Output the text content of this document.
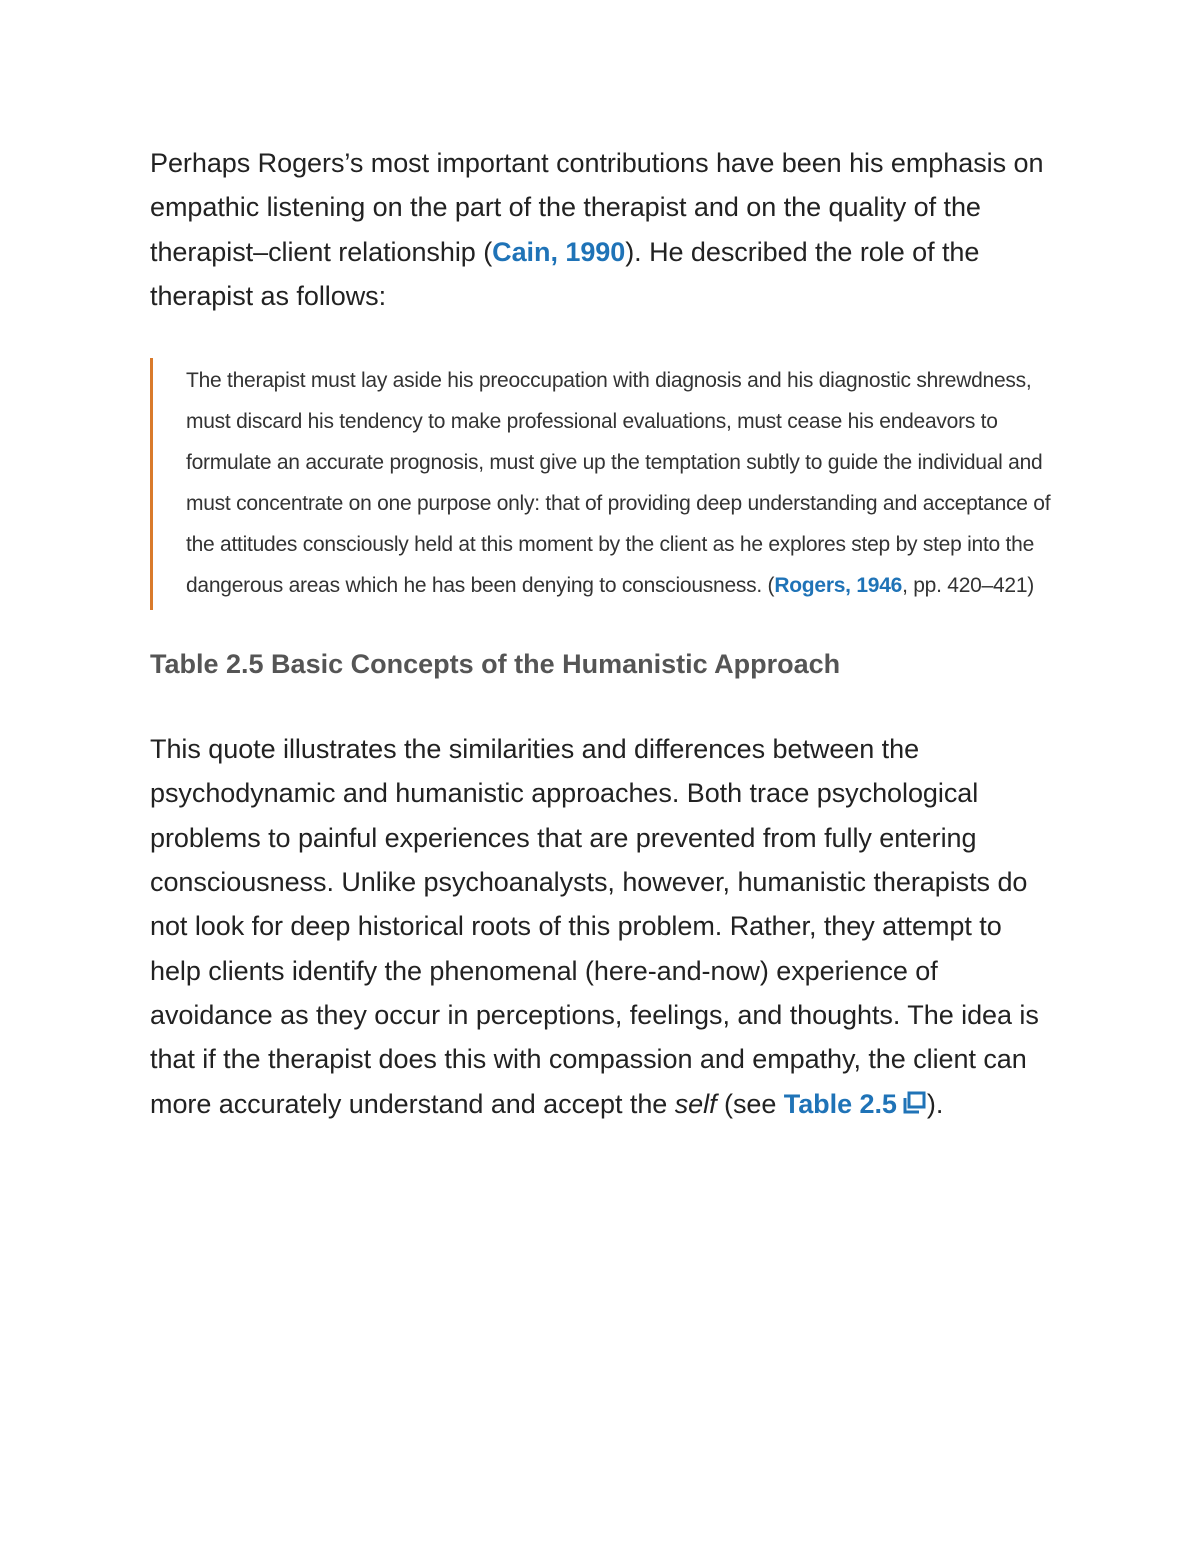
Perhaps Rogers’s most important contributions have been his emphasis on empathic listening on the part of the therapist and on the quality of the therapist–client relationship (Cain, 1990). He described the role of the therapist as follows:

The therapist must lay aside his preoccupation with diagnosis and his diagnostic shrewdness, must discard his tendency to make professional evaluations, must cease his endeavors to formulate an accurate prognosis, must give up the temptation subtly to guide the individual and must concentrate on one purpose only: that of providing deep understanding and acceptance of the attitudes consciously held at this moment by the client as he explores step by step into the dangerous areas which he has been denying to consciousness. (Rogers, 1946, pp. 420–421)
Table 2.5 Basic Concepts of the Humanistic Approach

This quote illustrates the similarities and differences between the psychodynamic and humanistic approaches. Both trace psychological problems to painful experiences that are prevented from fully entering consciousness. Unlike psychoanalysts, however, humanistic therapists do not look for deep historical roots of this problem. Rather, they attempt to help clients identify the phenomenal (here-and-now) experience of avoidance as they occur in perceptions, feelings, and thoughts. The idea is that if the therapist does this with compassion and empathy, the client can more accurately understand and accept the self (see Table 2.5 ).
